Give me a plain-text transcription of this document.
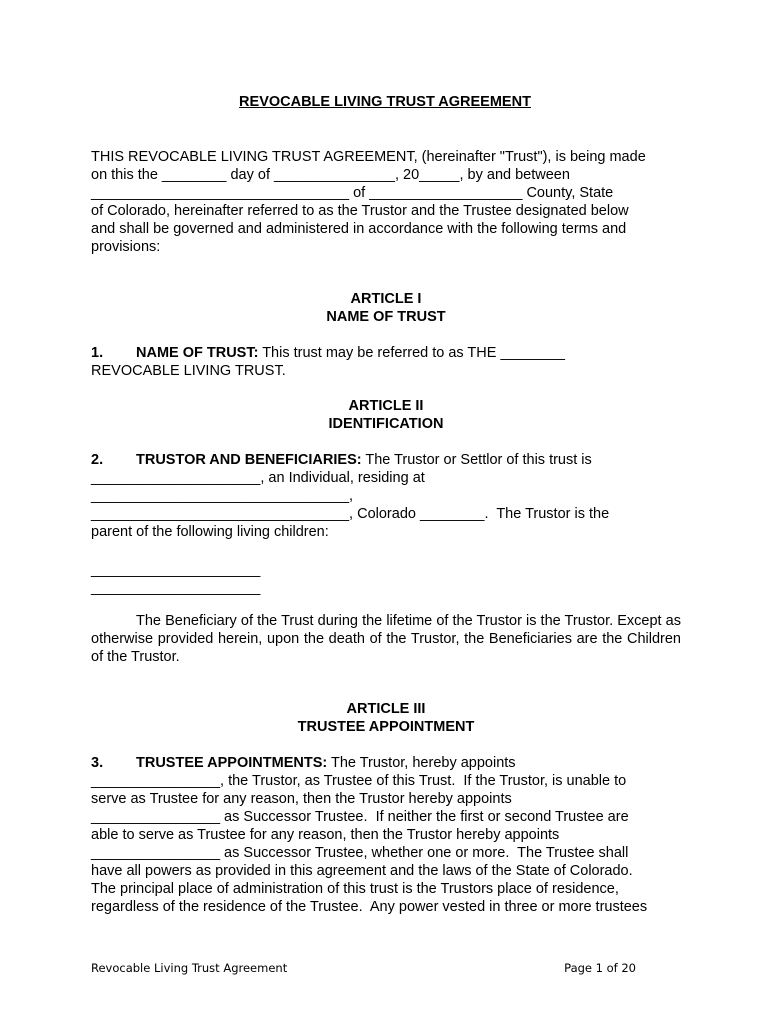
REVOCABLE LIVING TRUST AGREEMENT

THIS REVOCABLE LIVING TRUST AGREEMENT, (hereinafter "Trust"), is being made

on this the ________ day of _______________, 20_____, by and between

________________________________ of ___________________ County, State

of Colorado, hereinafter referred to as the Trustor and the Trustee designated below

and shall be governed and administered in accordance with the following terms and

provisions:

ARTICLE I

NAME OF TRUST

1. NAME OF TRUST: This trust may be referred to as THE ________

REVOCABLE LIVING TRUST.

ARTICLE II

IDENTIFICATION

2. TRUSTOR AND BENEFICIARIES: The Trustor or Settlor of this trust is

_____________________, an Individual, residing at

________________________________,

________________________________, Colorado ________.  The Trustor is the

parent of the following living children:

_____________________

_____________________

The Beneficiary of the Trust during the lifetime of the Trustor is the Trustor. Except as otherwise provided herein, upon the death of the Trustor, the Beneficiaries are the Children of the Trustor.

ARTICLE III

TRUSTEE APPOINTMENT

3. TRUSTEE APPOINTMENTS: The Trustor, hereby appoints

________________, the Trustor, as Trustee of this Trust.  If the Trustor, is unable to

serve as Trustee for any reason, then the Trustor hereby appoints

________________ as Successor Trustee.  If neither the first or second Trustee are

able to serve as Trustee for any reason, then the Trustor hereby appoints

________________ as Successor Trustee, whether one or more.  The Trustee shall

have all powers as provided in this agreement and the laws of the State of Colorado.

The principal place of administration of this trust is the Trustors place of residence,

regardless of the residence of the Trustee.  Any power vested in three or more trustees

Revocable Living Trust Agreement	Page 1 of 20
